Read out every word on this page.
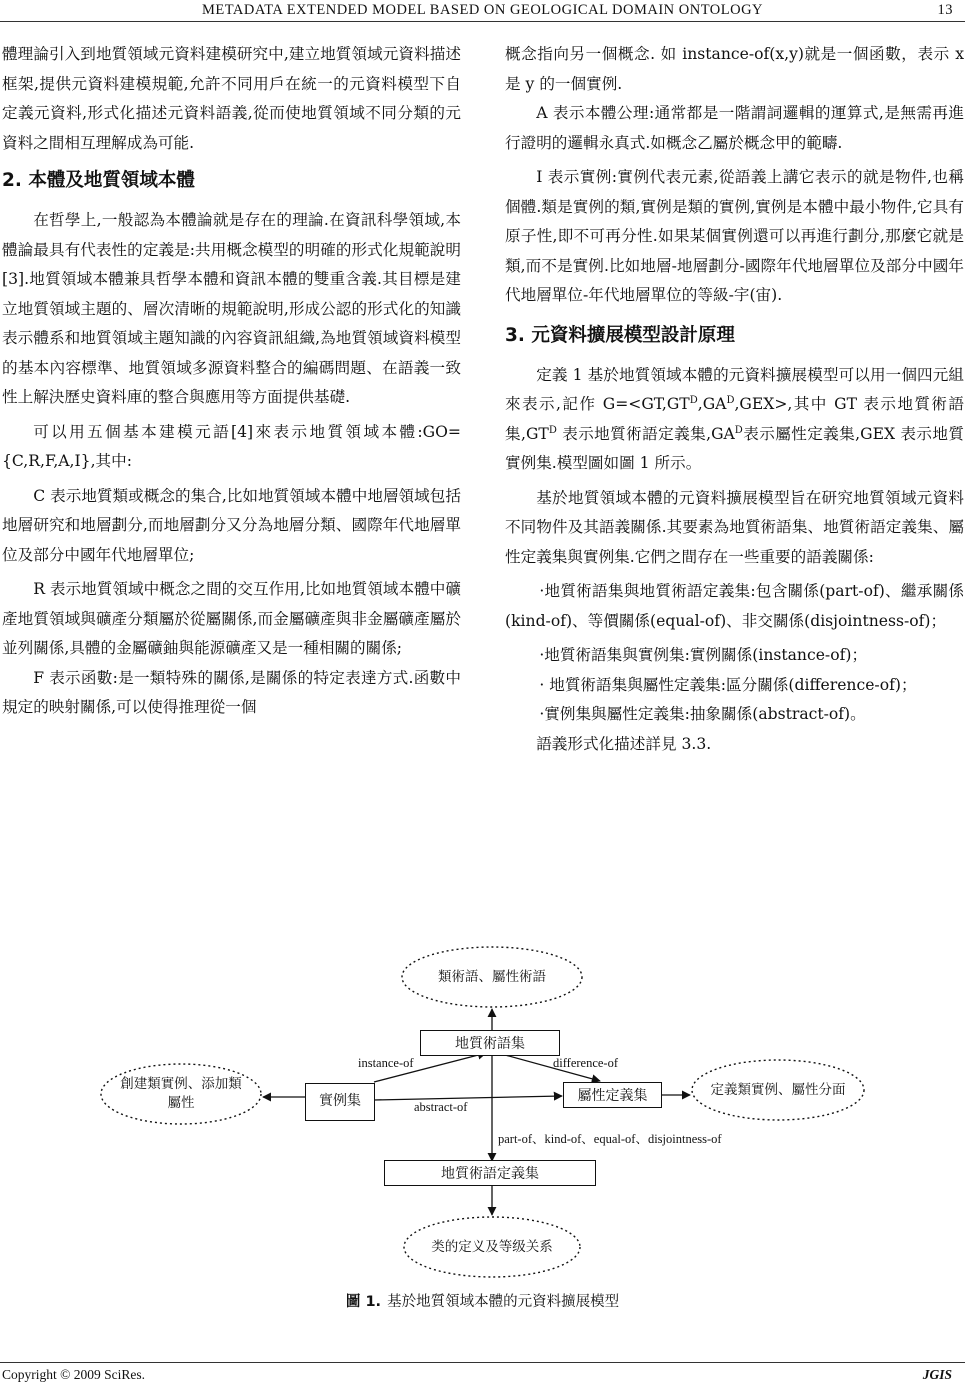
METADATA EXTENDED MODEL BASED ON GEOLOGICAL DOMAIN ONTOLOGY	13

體理論引入到地質領域元資料建模研究中,建立地質領域元資料描述框架,提供元資料建模規範,允許不同用戶在統一的元資料模型下自定義元資料,形式化描述元資料語義,從而使地質領域不同分類的元資料之間相互理解成為可能.

2. 本體及地質領域本體

在哲學上,一般認為本體論就是存在的理論.在資訊科學領域,本體論最具有代表性的定義是:共用概念模型的明確的形式化規範說明[3].地質領域本體兼具哲學本體和資訊本體的雙重含義.其目標是建立地質領域主題的、層次清晰的規範說明,形成公認的形式化的知識表示體系和地質領域主題知識的內容資訊組織,為地質領域資料模型的基本內容標準、地質領域多源資料整合的編碼問題、在語義一致性上解決歷史資料庫的整合與應用等方面提供基礎.

可以用五個基本建模元語[4]來表示地質領域本體:GO={C,R,F,A,I},其中:

C 表示地質類或概念的集合,比如地質領域本體中地層領域包括地層研究和地層劃分,而地層劃分又分為地層分類、國際年代地層單位及部分中國年代地層單位;

R 表示地質領域中概念之間的交互作用,比如地質領域本體中礦產地質領域與礦產分類屬於從屬關係,而金屬礦產與非金屬礦產屬於並列關係,具體的金屬礦鈾與能源礦產又是一種相關的關係;

F 表示函數:是一類特殊的關係,是關係的特定表達方式.函數中規定的映射關係,可以使得推理從一個

概念指向另一個概念. 如 instance-of(x,y)就是一個函數，表示 x 是 y 的一個實例.

A 表示本體公理:通常都是一階謂詞邏輯的運算式,是無需再進行證明的邏輯永真式.如概念乙屬於概念甲的範疇.

I 表示實例:實例代表元素,從語義上講它表示的就是物件,也稱個體.類是實例的類,實例是類的實例,實例是本體中最小物件,它具有原子性,即不可再分性.如果某個實例還可以再進行劃分,那麼它就是類,而不是實例.比如地層-地層劃分-國際年代地層單位及部分中國年代地層單位-年代地層單位的等級-宇(宙).

3. 元資料擴展模型設計原理

定義 1 基於地質領域本體的元資料擴展模型可以用一個四元組來表示,記作 $G=<GT,GT^D,GA^D,GEX>$,其中 GT 表示地質術語集$,GT^D$ 表示地質術語定義集$,GA^D$表示屬性定義集,GEX 表示地質實例集.模型圖如圖 1 所示。

基於地質領域本體的元資料擴展模型旨在研究地質領域元資料不同物件及其語義關係.其要素為地質術語集、地質術語定義集、屬性定義集與實例集.它們之間存在一些重要的語義關係:

·地質術語集與地質術語定義集:包含關係(part-of)、繼承關係(kind-of)、等價關係(equal-of)、非交關係(disjointness-of)；

·地質術語集與實例集:實例關係(instance-of)；

· 地質術語集與屬性定義集:區分關係(difference-of)；

·實例集與屬性定義集:抽象關係(abstract-of)。

語義形式化描述詳見 3.3.

類術語、屬性術語
創建類實例、添加類屬性
定義類實例、屬性分面
类的定义及等级关系
地質術語集
實例集	屬性定義集
地質術語定義集
instance-of	difference-of
abstract-of
part-of、kind-of、equal-of、disjointness-of
圖 1. 基於地質領域本體的元資料擴展模型
Copyright © 2009 SciRes.	JGIS
